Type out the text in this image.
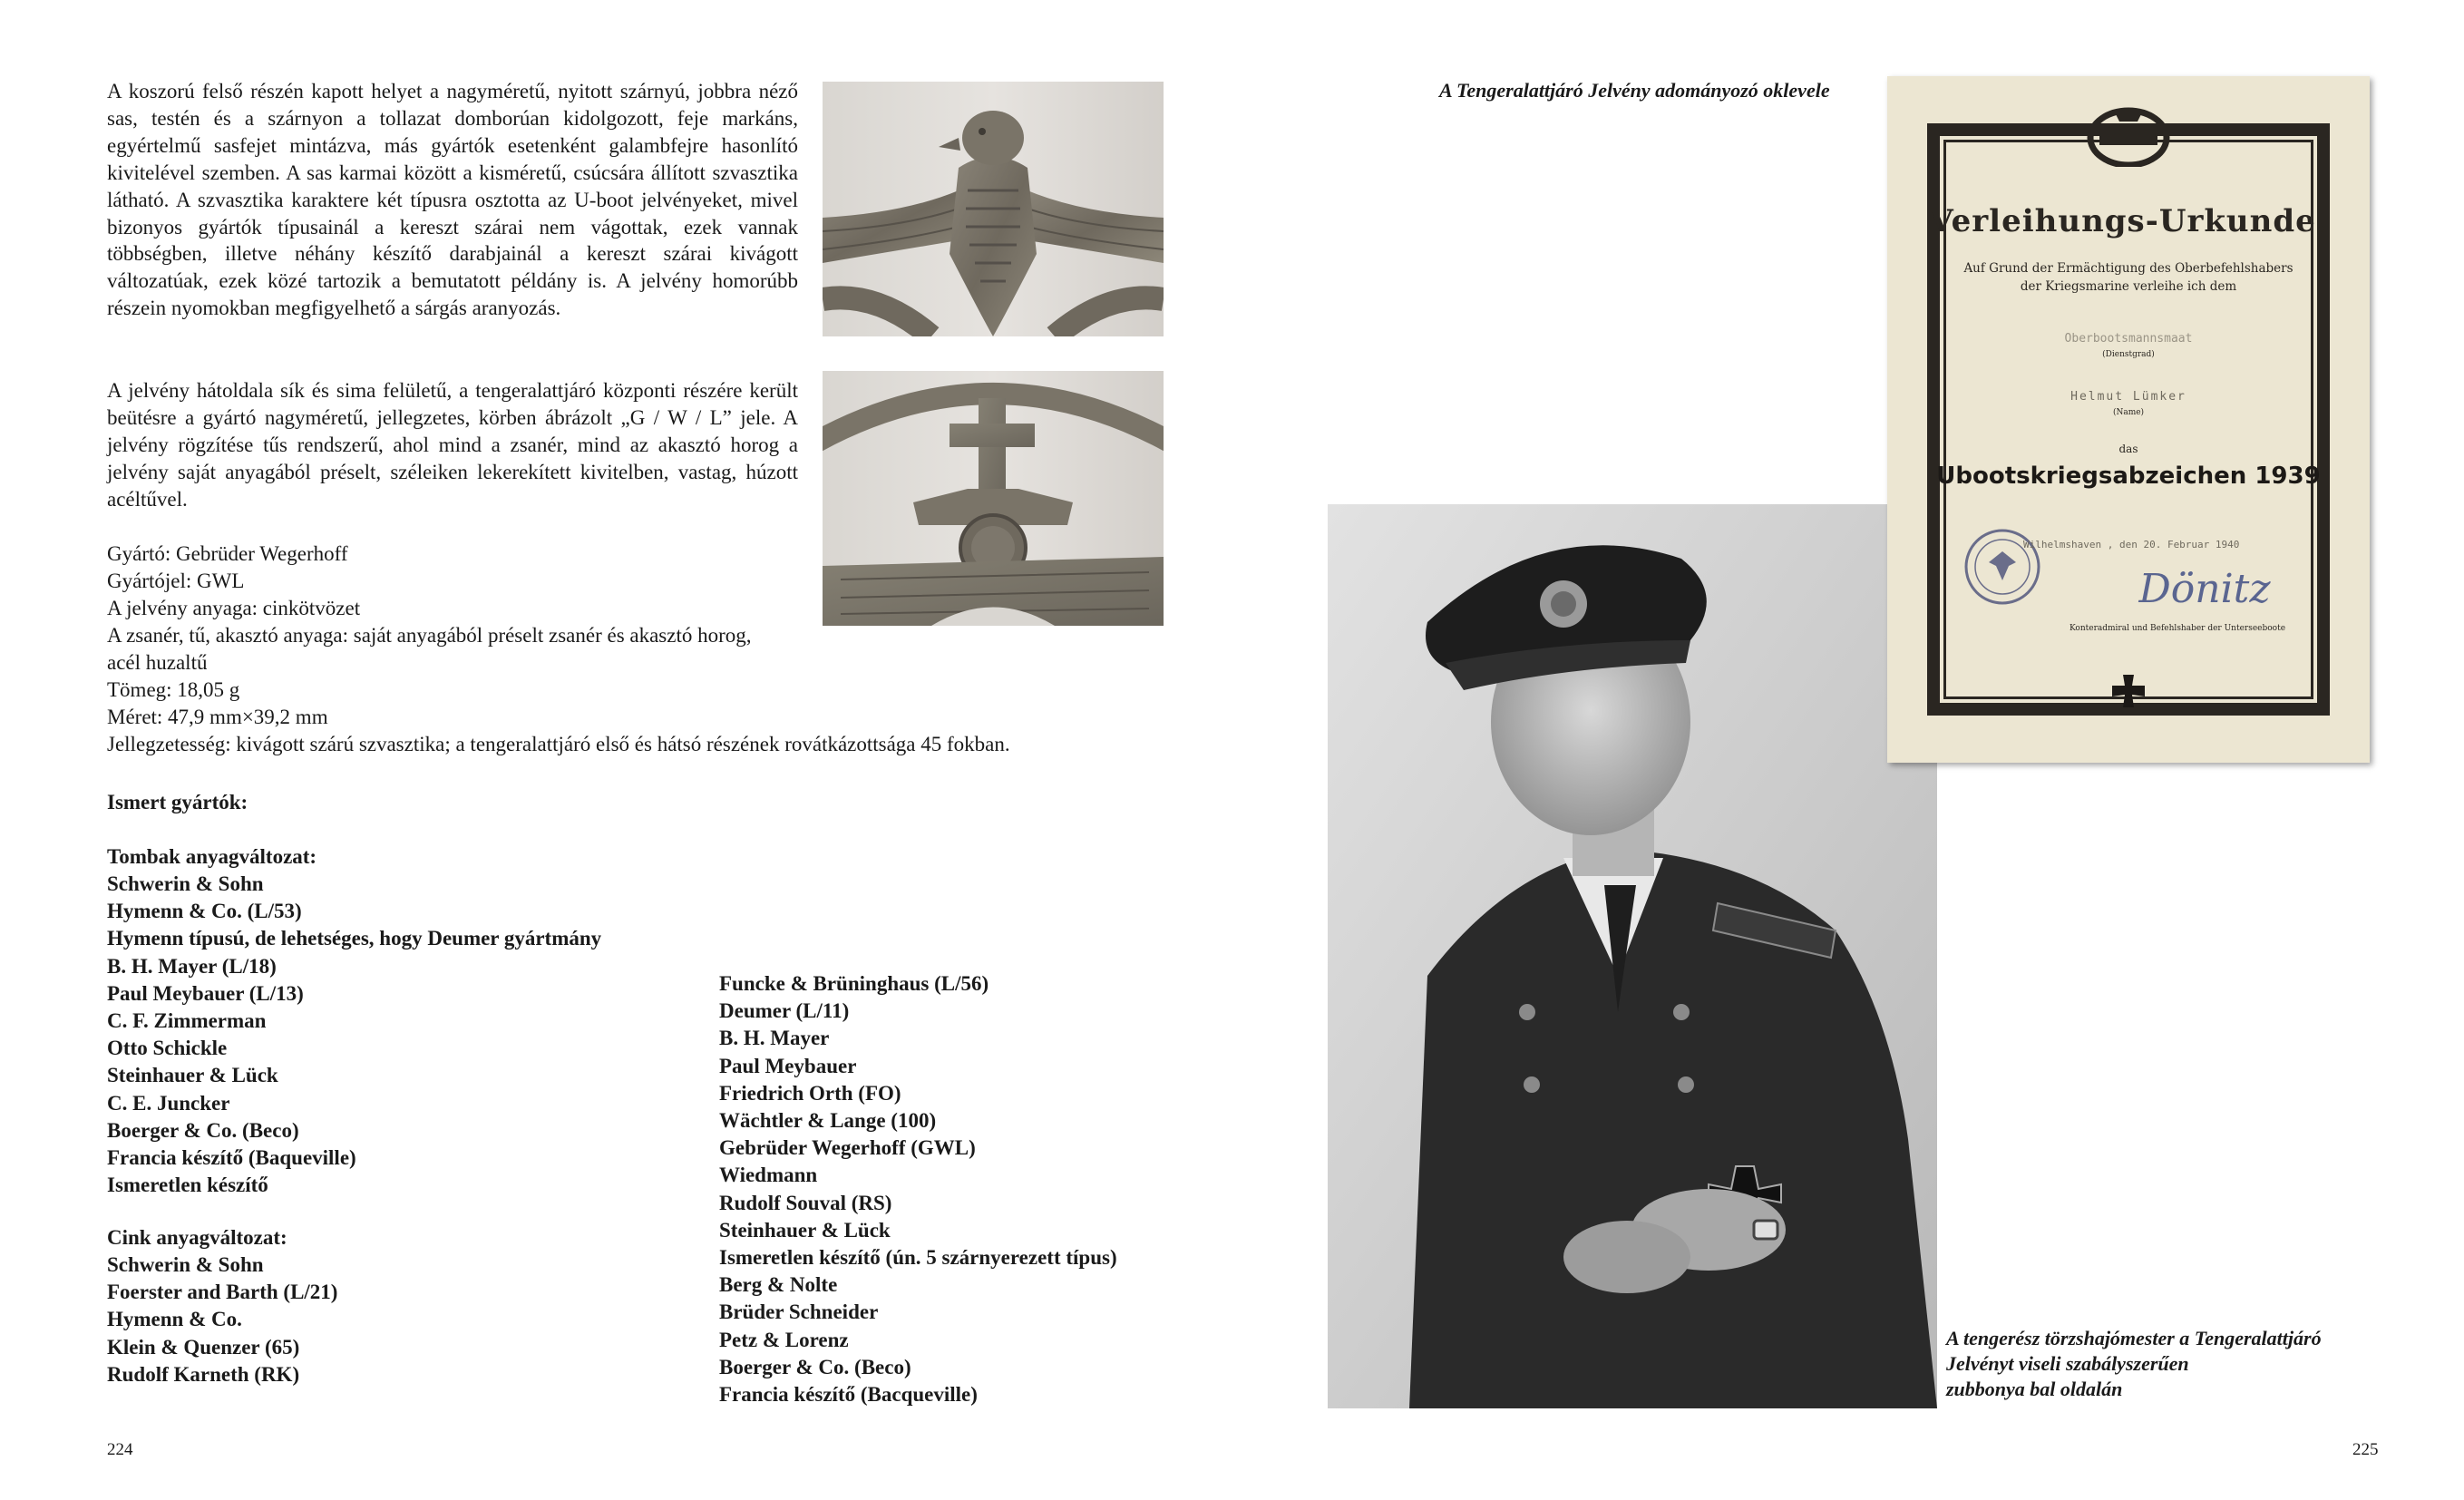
A koszorú felső részén kapott helyet a nagyméretű, nyitott szárnyú, jobbra néző sas, testén és a szárnyon a tollazat domborúan kidolgozott, feje markáns, egyértelmű sasfejet mintázva, más gyártók esetenként galambfejre hasonlító kivitelével szemben. A sas karmai között a kisméretű, csúcsára állított szvasztika látható. A szvasztika karaktere két típusra osztotta az U-boot jelvényeket, mivel bizonyos gyártók típusainál a kereszt szárai nem vágottak, ezek vannak többségben, illetve néhány készítő darabjainál a kereszt szárai kivágott változatúak, ezek közé tartozik a bemutatott példány is. A jelvény homorúbb részein nyomokban megfigyelhető a sárgás aranyozás.

A jelvény hátoldala sík és sima felületű, a tengeralattjáró központi részére került beütésre a gyártó nagyméretű, jellegzetes, körben ábrázolt „G / W / L” jele. A jelvény rögzítése tűs rendszerű, ahol mind a zsanér, mind az akasztó horog a jelvény saját anyagából préselt, széleiken lekerekített kivitelben, vastag, húzott acéltűvel.

Gyártó: Gebrüder Wegerhoff
Gyártójel: GWL
A jelvény anyaga: cinkötvözet
A zsanér, tű, akasztó anyaga: saját anyagából préselt zsanér és akasztó horog,
acél huzaltű
Tömeg: 18,05 g
Méret: 47,9 mm×39,2 mm
Jellegzetesség: kivágott szárú szvasztika; a tengeralattjáró első és hátsó részének rovátkázottsága 45 fokban.
Ismert gyártók:
Tombak anyagváltozat:
Schwerin & Sohn
Hymenn & Co. (L/53)
Hymenn típusú, de lehetséges, hogy Deumer gyártmány
B. H. Mayer (L/18)
Paul Meybauer (L/13)
C. F. Zimmerman
Otto Schickle
Steinhauer & Lück
C. E. Juncker
Boerger & Co. (Beco)
Francia készítő (Baqueville)
Ismeretlen készítő
Cink anyagváltozat:
Schwerin & Sohn
Foerster and Barth (L/21)
Hymenn & Co.
Klein & Quenzer (65)
Rudolf Karneth (RK)
Funcke & Brüninghaus (L/56)
Deumer (L/11)
B. H. Mayer
Paul Meybauer
Friedrich Orth (FO)
Wächtler & Lange (100)
Gebrüder Wegerhoff (GWL)
Wiedmann
Rudolf Souval (RS)
Steinhauer & Lück
Ismeretlen készítő (ún. 5 szárnyerezett típus)
Berg & Nolte
Brüder Schneider
Petz & Lorenz
Boerger & Co. (Beco)
Francia készítő (Bacqueville)
224
A Tengeralattjáró Jelvény adományozó oklevele
Verleihungs-Urkunde.
Auf Grund der Ermächtigung des Oberbefehlshabers
der Kriegsmarine verleihe ich dem
Oberbootsmannsmaat
(Dienstgrad)
Helmut Lümker
(Name)
das
Ubootskriegsabzeichen 1939
Wilhelmshaven , den 20. Februar 1940
Dönitz
Konteradmiral und Befehlshaber der Unterseeboote
A tengerész törzshajómester a Tengeralattjáró
Jelvényt viseli szabályszerűen
zubbonya bal oldalán
225
